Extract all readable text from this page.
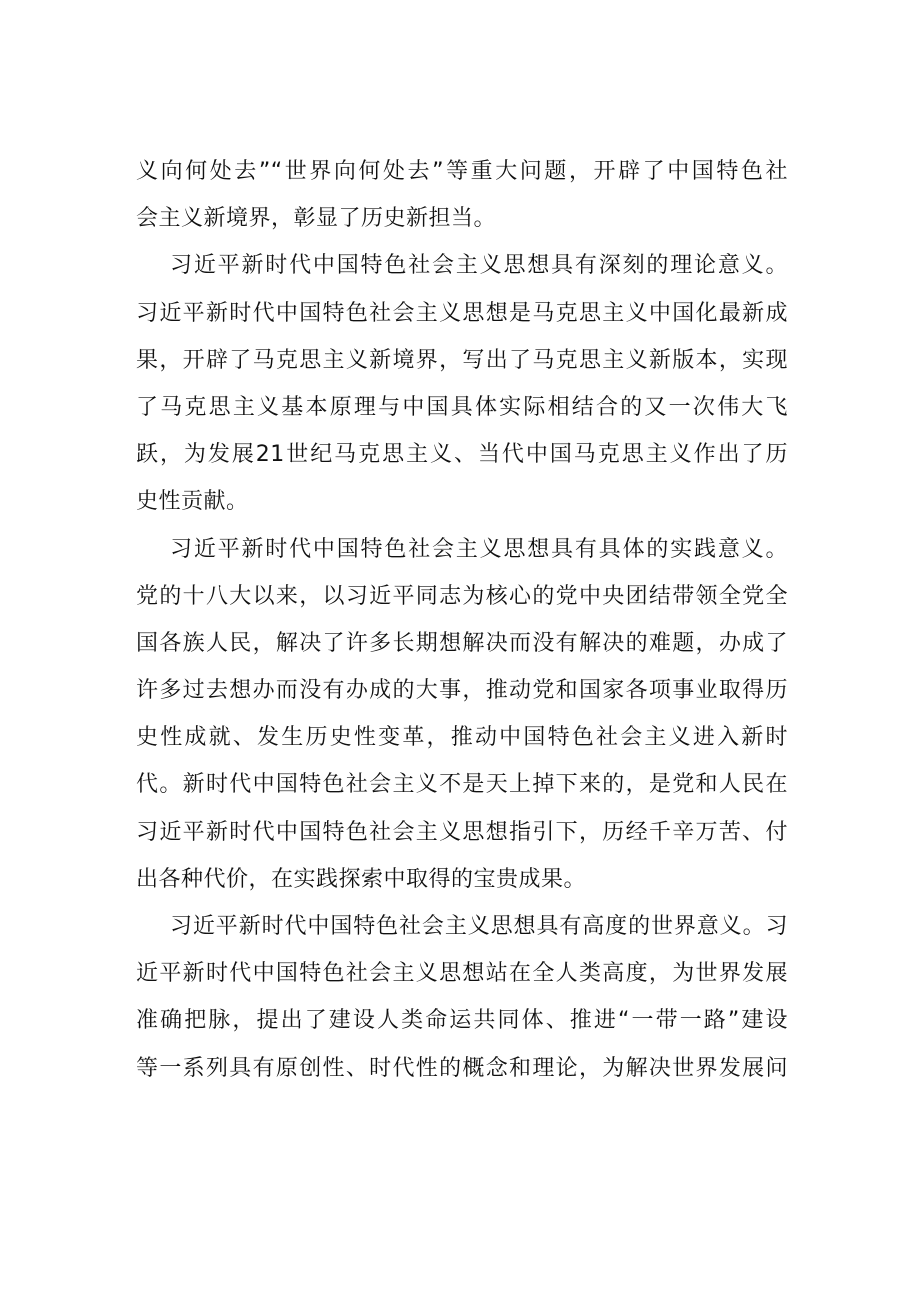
义向何处去”“世界向何处去”等重大问题，开辟了中国特色社
会主义新境界，彰显了历史新担当。
习近平新时代中国特色社会主义思想具有深刻的理论意义。
习近平新时代中国特色社会主义思想是马克思主义中国化最新成
果，开辟了马克思主义新境界，写出了马克思主义新版本，实现
了马克思主义基本原理与中国具体实际相结合的又一次伟大飞
跃，为发展21世纪马克思主义、当代中国马克思主义作出了历
史性贡献。
习近平新时代中国特色社会主义思想具有具体的实践意义。
党的十八大以来，以习近平同志为核心的党中央团结带领全党全
国各族人民，解决了许多长期想解决而没有解决的难题，办成了
许多过去想办而没有办成的大事，推动党和国家各项事业取得历
史性成就、发生历史性变革，推动中国特色社会主义进入新时
代。新时代中国特色社会主义不是天上掉下来的，是党和人民在
习近平新时代中国特色社会主义思想指引下，历经千辛万苦、付
出各种代价，在实践探索中取得的宝贵成果。
习近平新时代中国特色社会主义思想具有高度的世界意义。习
近平新时代中国特色社会主义思想站在全人类高度，为世界发展
准确把脉，提出了建设人类命运共同体、推进“一带一路”建设
等一系列具有原创性、时代性的概念和理论，为解决世界发展问
